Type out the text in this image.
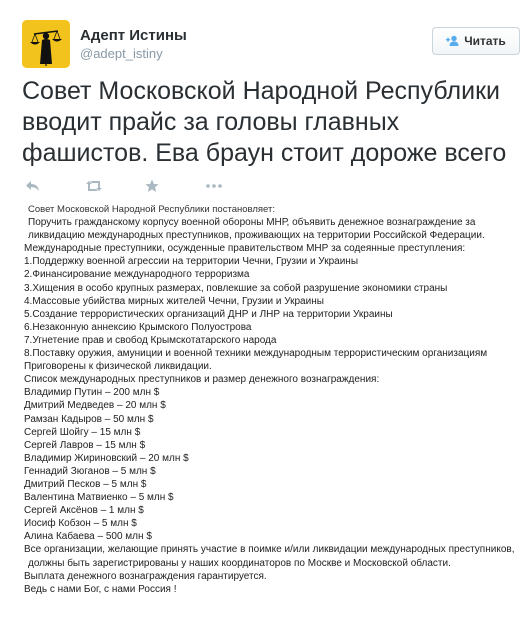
Адепт Истины
@adept_istiny
Читать
Совет Московской Народной Республики вводит прайс за головы главных фашистов. Ева браун стоит дороже всего
Совет Московской Народной Республики постановляет:
Поручить гражданскому корпусу военной обороны МНР, объявить денежное вознаграждение за
ликвидацию международных преступников, проживающих на территории Российской Федерации.
Международные преступники, осужденные правительством МНР за содеянные преступления:
1.Поддержку военной агрессии на территории Чечни, Грузии и Украины
2.Финансирование международного терроризма
3.Хищения в особо крупных размерах, повлекшие за собой разрушение экономики страны
4.Массовые убийства мирных жителей Чечни, Грузии и Украины
5.Создание террористических организаций ДНР и ЛНР на территории Украины
6.Незаконную аннексию Крымского Полуострова
7.Угнетение прав и свобод Крымскотатарского народа
8.Поставку оружия, амуниции и военной техники международным террористическим организациям
Приговорены к физической ликвидации.
Список международных преступников и размер денежного вознаграждения:
Владимир Путин – 200 млн $
Дмитрий Медведев – 20 млн $
Рамзан Кадыров – 50 млн $
Сергей Шойгу – 15 млн $
Сергей Лавров – 15 млн $
Владимир Жириновский – 20 млн $
Геннадий Зюганов – 5 млн $
Дмитрий Песков – 5 млн $
Валентина Матвиенко – 5 млн $
Сергей Аксёнов – 1 млн $
Иосиф Кобзон – 5 млн $
Алина Кабаева – 500 млн $
Все организации, желающие принять участие в поимке и/или ликвидации международных преступников,
должны быть зарегистрированы у наших координаторов по Москве и Московской области.
Выплата денежного вознаграждения гарантируется.
Ведь с нами Бог, с нами Россия !
